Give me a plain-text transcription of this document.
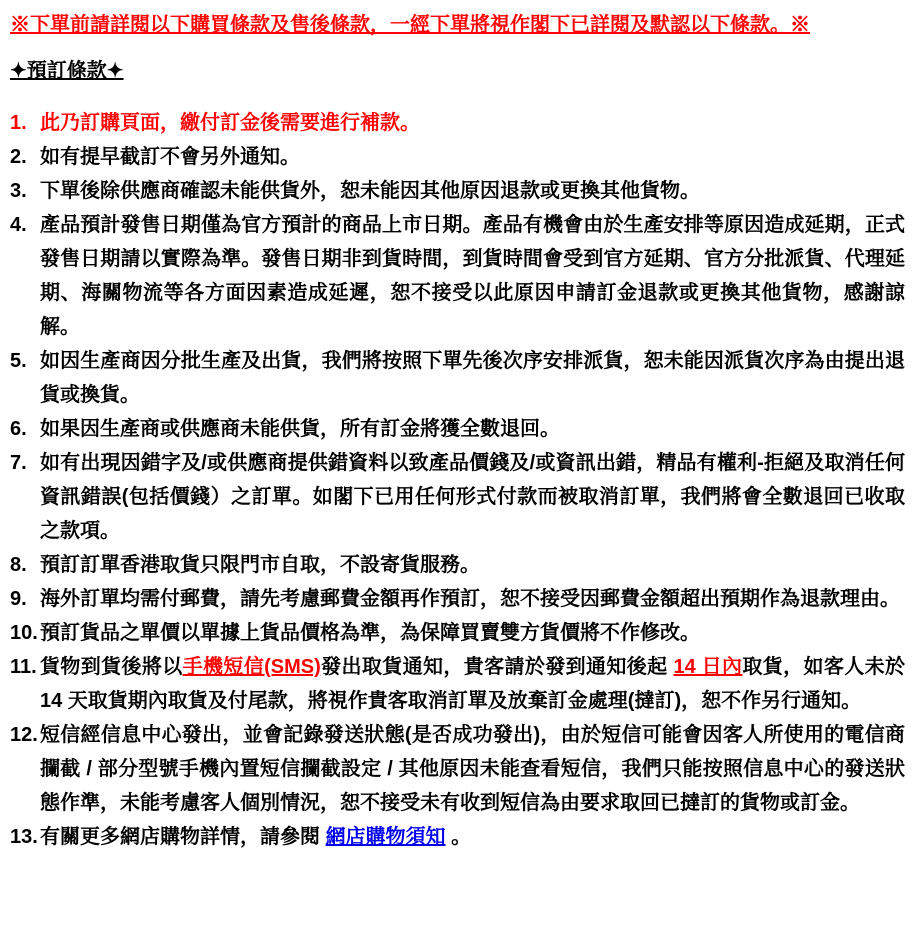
※下單前請詳閱以下購買條款及售後條款，一經下單將視作閣下已詳閱及默認以下條款。※

✦預訂條款✦

1. 此乃訂購頁面，繳付訂金後需要進行補款。
2. 如有提早截訂不會另外通知。
3. 下單後除供應商確認未能供貨外，恕未能因其他原因退款或更換其他貨物。
4. 產品預計發售日期僅為官方預計的商品上市日期。產品有機會由於生產安排等原因造成延期，正式發售日期請以實際為準。發售日期非到貨時間，到貨時間會受到官方延期、官方分批派貨、代理延期、海關物流等各方面因素造成延遲，恕不接受以此原因申請訂金退款或更換其他貨物，感謝諒解。
5. 如因生產商因分批生產及出貨，我們將按照下單先後次序安排派貨，恕未能因派貨次序為由提出退貨或換貨。
6. 如果因生產商或供應商未能供貨，所有訂金將獲全數退回。
7. 如有出現因錯字及/或供應商提供錯資料以致產品價錢及/或資訊出錯，精品有權利-拒絕及取消任何資訊錯誤(包括價錢）之訂單。如閣下已用任何形式付款而被取消訂單，我們將會全數退回已收取之款項。
8. 預訂訂單香港取貨只限門市自取，不設寄貨服務。
9. 海外訂單均需付郵費，請先考慮郵費金額再作預訂，恕不接受因郵費金額超出預期作為退款理由。
10. 預訂貨品之單價以單據上貨品價格為準，為保障買賣雙方貨價將不作修改。
11. 貨物到貨後將以手機短信(SMS)發出取貨通知，貴客請於發到通知後起 14 日內取貨，如客人未於14 天取貨期內取貨及付尾款，將視作貴客取消訂單及放棄訂金處理(撻訂)，恕不作另行通知。
12. 短信經信息中心發出，並會記錄發送狀態(是否成功發出)，由於短信可能會因客人所使用的電信商攔截 / 部分型號手機內置短信攔截設定 / 其他原因未能查看短信，我們只能按照信息中心的發送狀態作準，未能考慮客人個別情況，恕不接受未有收到短信為由要求取回已撻訂的貨物或訂金。
13. 有關更多網店購物詳情，請參閱 網店購物須知 。
